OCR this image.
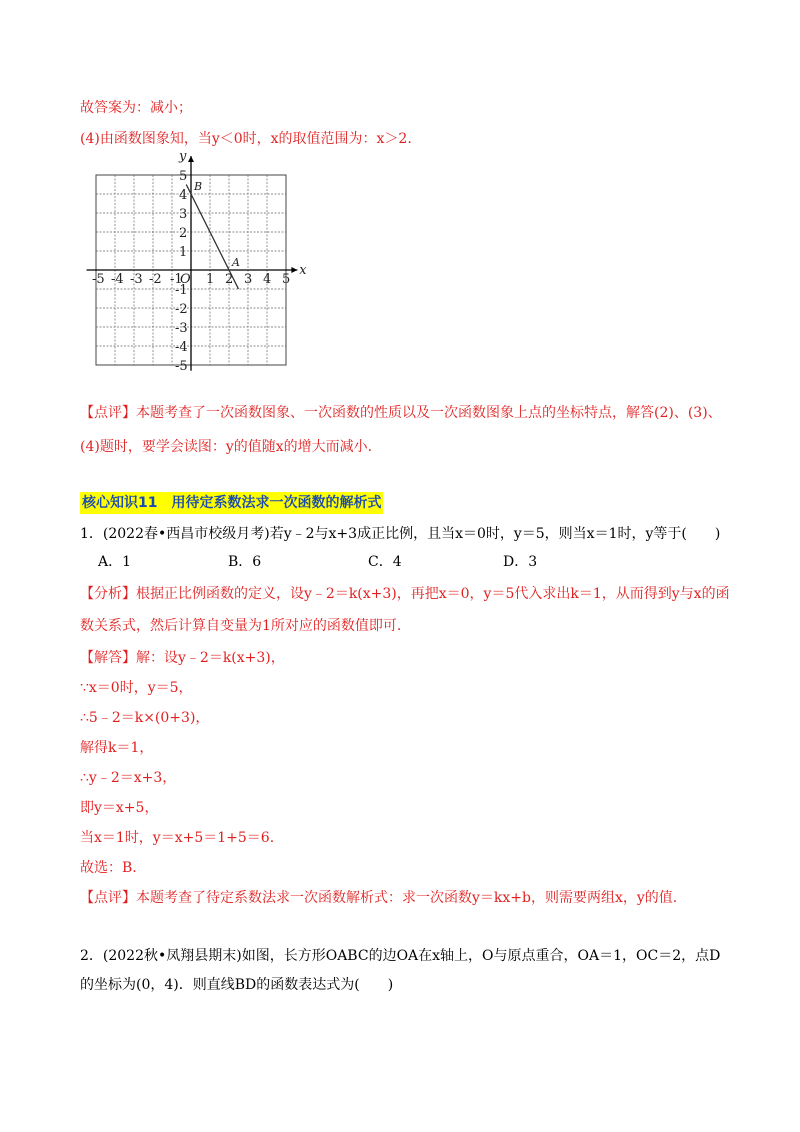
故答案为：减小；
(4)由函数图象知，当y＜0时，x的取值范围为：x＞2.
-5 -4 -3 -2 -1 1 2 3 4 5
1
2
3
4
5
-1
-2
-3
-4
-5
O
x
y
A
B
【点评】本题考查了一次函数图象、一次函数的性质以及一次函数图象上点的坐标特点，解答(2)、(3)、
(4)题时，要学会读图：y的值随x的增大而减小.
核心知识11　用待定系数法求一次函数的解析式
1．(2022春•西昌市校级月考)若y﹣2与x+3成正比例，且当x＝0时，y＝5，则当x＝1时，y等于(　　)
A．1	B．6	C．4	D．3
【分析】根据正比例函数的定义，设y﹣2＝k(x+3)，再把x＝0，y＝5代入求出k＝1，从而得到y与x的函
数关系式，然后计算自变量为1所对应的函数值即可.
【解答】解：设y﹣2＝k(x+3)，
∵x＝0时，y＝5，
∴5﹣2＝k×(0+3)，
解得k＝1，
∴y﹣2＝x+3，
即y＝x+5，
当x＝1时，y＝x+5＝1+5＝6.
故选：B.
【点评】本题考查了待定系数法求一次函数解析式：求一次函数y＝kx+b，则需要两组x，y的值.
2．(2022秋•凤翔县期末)如图，长方形OABC的边OA在x轴上，O与原点重合，OA＝1，OC＝2，点D
的坐标为(0，4)．则直线BD的函数表达式为(　　)
